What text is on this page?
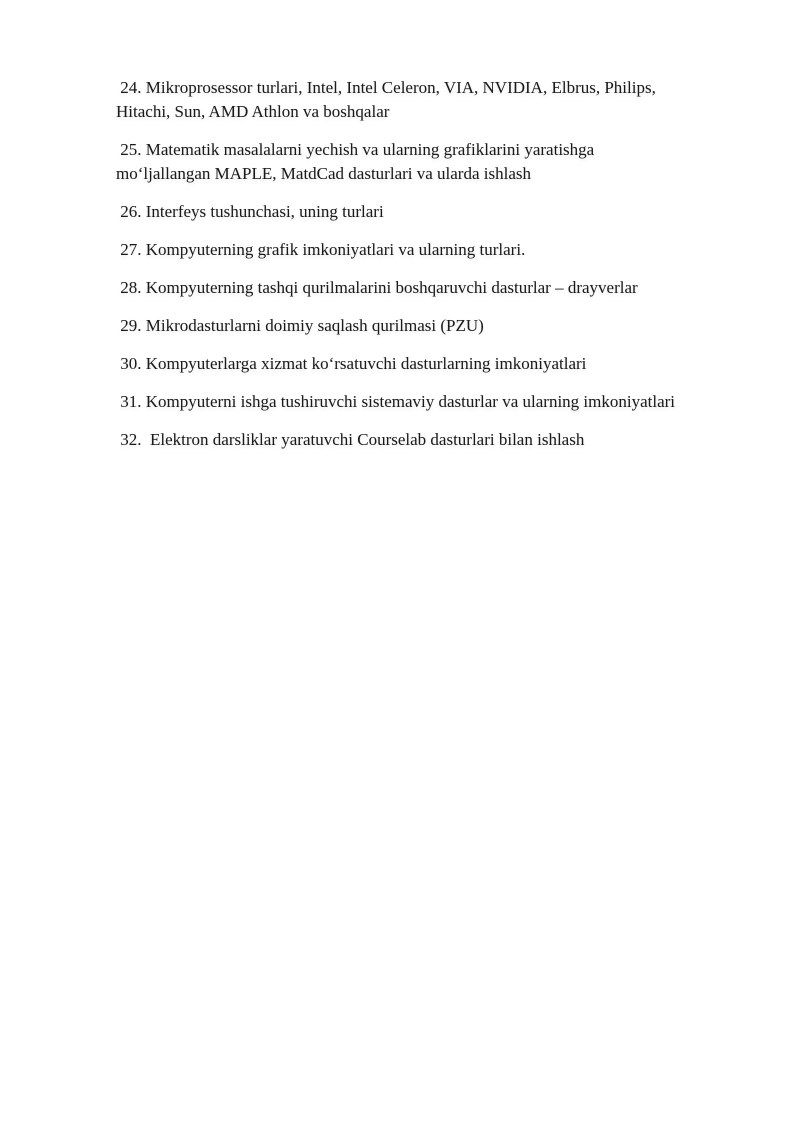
24. Mikroprosessor turlari, Intel, Intel Celeron, VIA, NVIDIA, Elbrus, Philips,
Hitachi, Sun, AMD Athlon va boshqalar
25. Matematik masalalarni yechish va ularning grafiklarini yaratishga
mo‘ljallangan MAPLE, MatdCad dasturlari va ularda ishlash
26. Interfeys tushunchasi, uning turlari
27. Kompyuterning grafik imkoniyatlari va ularning turlari.
28. Kompyuterning tashqi qurilmalarini boshqaruvchi dasturlar – drayverlar
29. Mikrodasturlarni doimiy saqlash qurilmasi (PZU)
30. Kompyuterlarga xizmat ko‘rsatuvchi dasturlarning imkoniyatlari
31. Kompyuterni ishga tushiruvchi sistemaviy dasturlar va ularning imkoniyatlari
32.  Elektron darsliklar yaratuvchi Courselab dasturlari bilan ishlash
